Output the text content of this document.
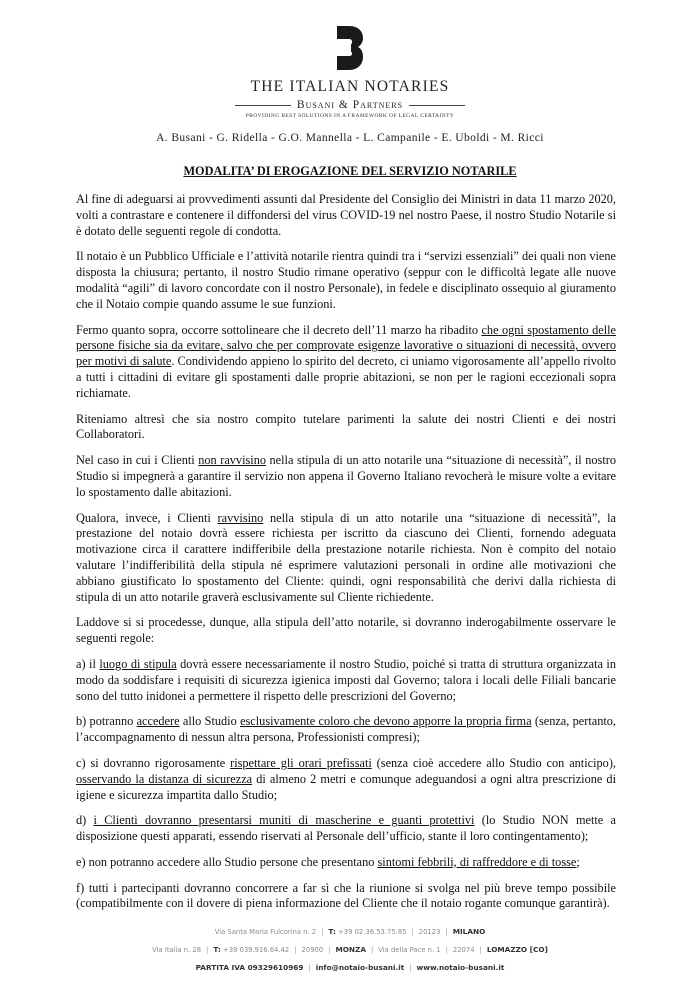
THE ITALIAN NOTARIES
Busani & Partners
PROVIDING BEST SOLUTIONS IN A FRAMEWORK OF LEGAL CERTAINTY
A. Busani - G. Ridella - G.O. Mannella - L. Campanile - E. Uboldi - M. Ricci
MODALITA’ DI EROGAZIONE DEL SERVIZIO NOTARILE

Al fine di adeguarsi ai provvedimenti assunti dal Presidente del Consiglio dei Ministri in data 11 marzo 2020, volti a contrastare e contenere il diffondersi del virus COVID-19 nel nostro Paese, il nostro Studio Notarile si è dotato delle seguenti regole di condotta.

Il notaio è un Pubblico Ufficiale e l’attività notarile rientra quindi tra i “servizi essenziali” dei quali non viene disposta la chiusura; pertanto, il nostro Studio rimane operativo (seppur con le difficoltà legate alle nuove modalità “agili” di lavoro concordate con il nostro Personale), in fedele e disciplinato ossequio al giuramento che il Notaio compie quando assume le sue funzioni.

Fermo quanto sopra, occorre sottolineare che il decreto dell’11 marzo ha ribadito che ogni spostamento delle persone fisiche sia da evitare, salvo che per comprovate esigenze lavorative o situazioni di necessità, ovvero per motivi di salute. Condividendo appieno lo spirito del decreto, ci uniamo vigorosamente all’appello rivolto a tutti i cittadini di evitare gli spostamenti dalle proprie abitazioni, se non per le ragioni eccezionali sopra richiamate.

Riteniamo altresì che sia nostro compito tutelare parimenti la salute dei nostri Clienti e dei nostri Collaboratori.

Nel caso in cui i Clienti non ravvisino nella stipula di un atto notarile una “situazione di necessità”, il nostro Studio si impegnerà a garantire il servizio non appena il Governo Italiano revocherà le misure volte a evitare lo spostamento dalle abitazioni.

Qualora, invece, i Clienti ravvisino nella stipula di un atto notarile una “situazione di necessità”, la prestazione del notaio dovrà essere richiesta per iscritto da ciascuno dei Clienti, fornendo adeguata motivazione circa il carattere indifferibile della prestazione notarile richiesta. Non è compito del notaio valutare l’indifferibilità della stipula né esprimere valutazioni personali in ordine alle motivazioni che abbiano giustificato lo spostamento del Cliente: quindi, ogni responsabilità che derivi dalla richiesta di stipula di un atto notarile graverà esclusivamente sul Cliente richiedente.

Laddove si si procedesse, dunque, alla stipula dell’atto notarile, si dovranno inderogabilmente osservare le seguenti regole:

a) il luogo di stipula dovrà essere necessariamente il nostro Studio, poiché si tratta di struttura organizzata in modo da soddisfare i requisiti di sicurezza igienica imposti dal Governo; talora i locali delle Filiali bancarie sono del tutto inidonei a permettere il rispetto delle prescrizioni del Governo;

b) potranno accedere allo Studio esclusivamente coloro che devono apporre la propria firma (senza, pertanto, l’accompagnamento di nessun altra persona, Professionisti compresi);

c) si dovranno rigorosamente rispettare gli orari prefissati (senza cioè accedere allo Studio con anticipo), osservando la distanza di sicurezza di almeno 2 metri e comunque adeguandosi a ogni altra prescrizione di igiene e sicurezza impartita dallo Studio;

d) i Clienti dovranno presentarsi muniti di mascherine e guanti protettivi (lo Studio NON mette a disposizione questi apparati, essendo riservati al Personale dell’ufficio, stante il loro contingentamento);

e) non potranno accedere allo Studio persone che presentano sintomi febbrili, di raffreddore e di tosse;

f) tutti i partecipanti dovranno concorrere a far sì che la riunione si svolga nel più breve tempo possibile (compatibilmente con il dovere di piena informazione del Cliente che il notaio rogante comunque garantirà).

Via Santa Maria Fulcorina n. 2 | T: +39 02.36.53.75.85 | 20123 | MILANO
Via Italia n. 28 | T: +39 039.916.64.42 | 20900 | MONZA | Via della Pace n. 1 | 22074 | LOMAZZO [CO]
PARTITA IVA 09329610969 | info@notaio-busani.it | www.notaio-busani.it
